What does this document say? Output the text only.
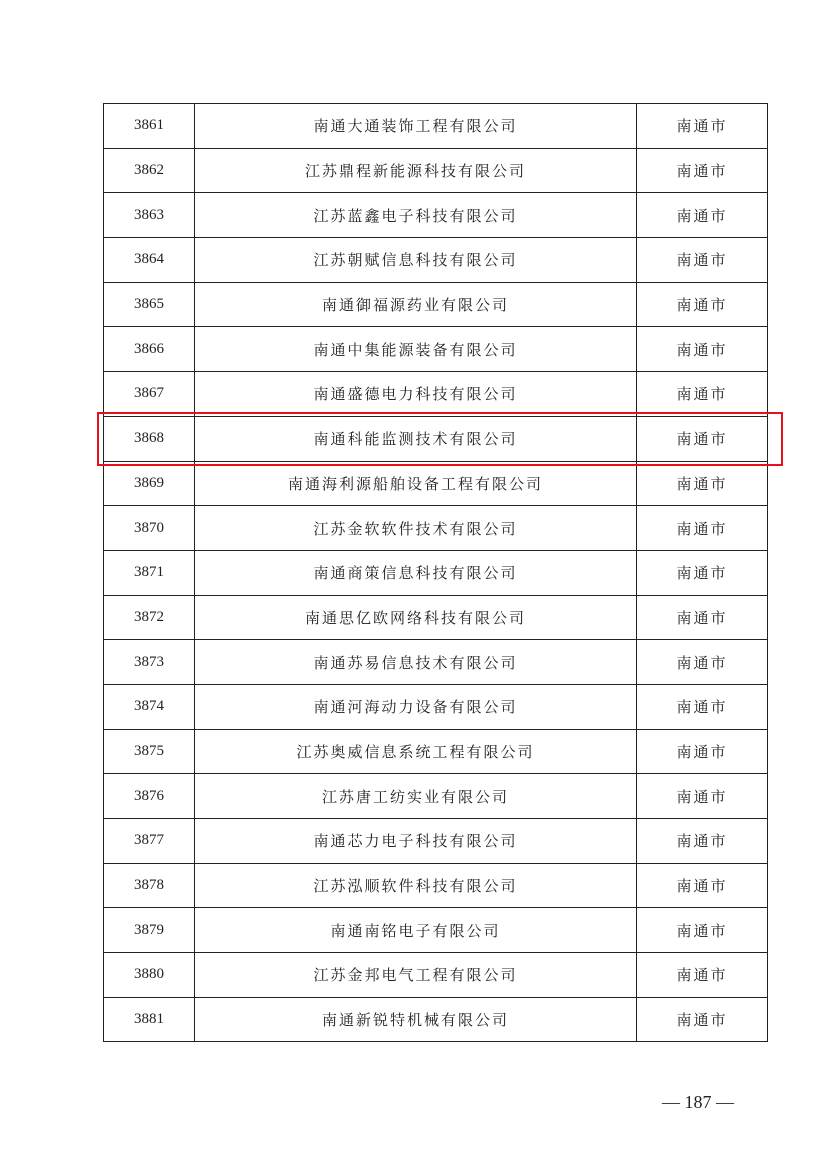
3861	南通大通装饰工程有限公司	南通市
3862	江苏鼎程新能源科技有限公司	南通市
3863	江苏蓝鑫电子科技有限公司	南通市
3864	江苏朝赋信息科技有限公司	南通市
3865	南通御福源药业有限公司	南通市
3866	南通中集能源装备有限公司	南通市
3867	南通盛德电力科技有限公司	南通市
3868	南通科能监测技术有限公司	南通市
3869	南通海利源船舶设备工程有限公司	南通市
3870	江苏金软软件技术有限公司	南通市
3871	南通商策信息科技有限公司	南通市
3872	南通思亿欧网络科技有限公司	南通市
3873	南通苏易信息技术有限公司	南通市
3874	南通河海动力设备有限公司	南通市
3875	江苏奥威信息系统工程有限公司	南通市
3876	江苏唐工纺实业有限公司	南通市
3877	南通芯力电子科技有限公司	南通市
3878	江苏泓顺软件科技有限公司	南通市
3879	南通南铭电子有限公司	南通市
3880	江苏金邦电气工程有限公司	南通市
3881	南通新锐特机械有限公司	南通市
— 187 —
